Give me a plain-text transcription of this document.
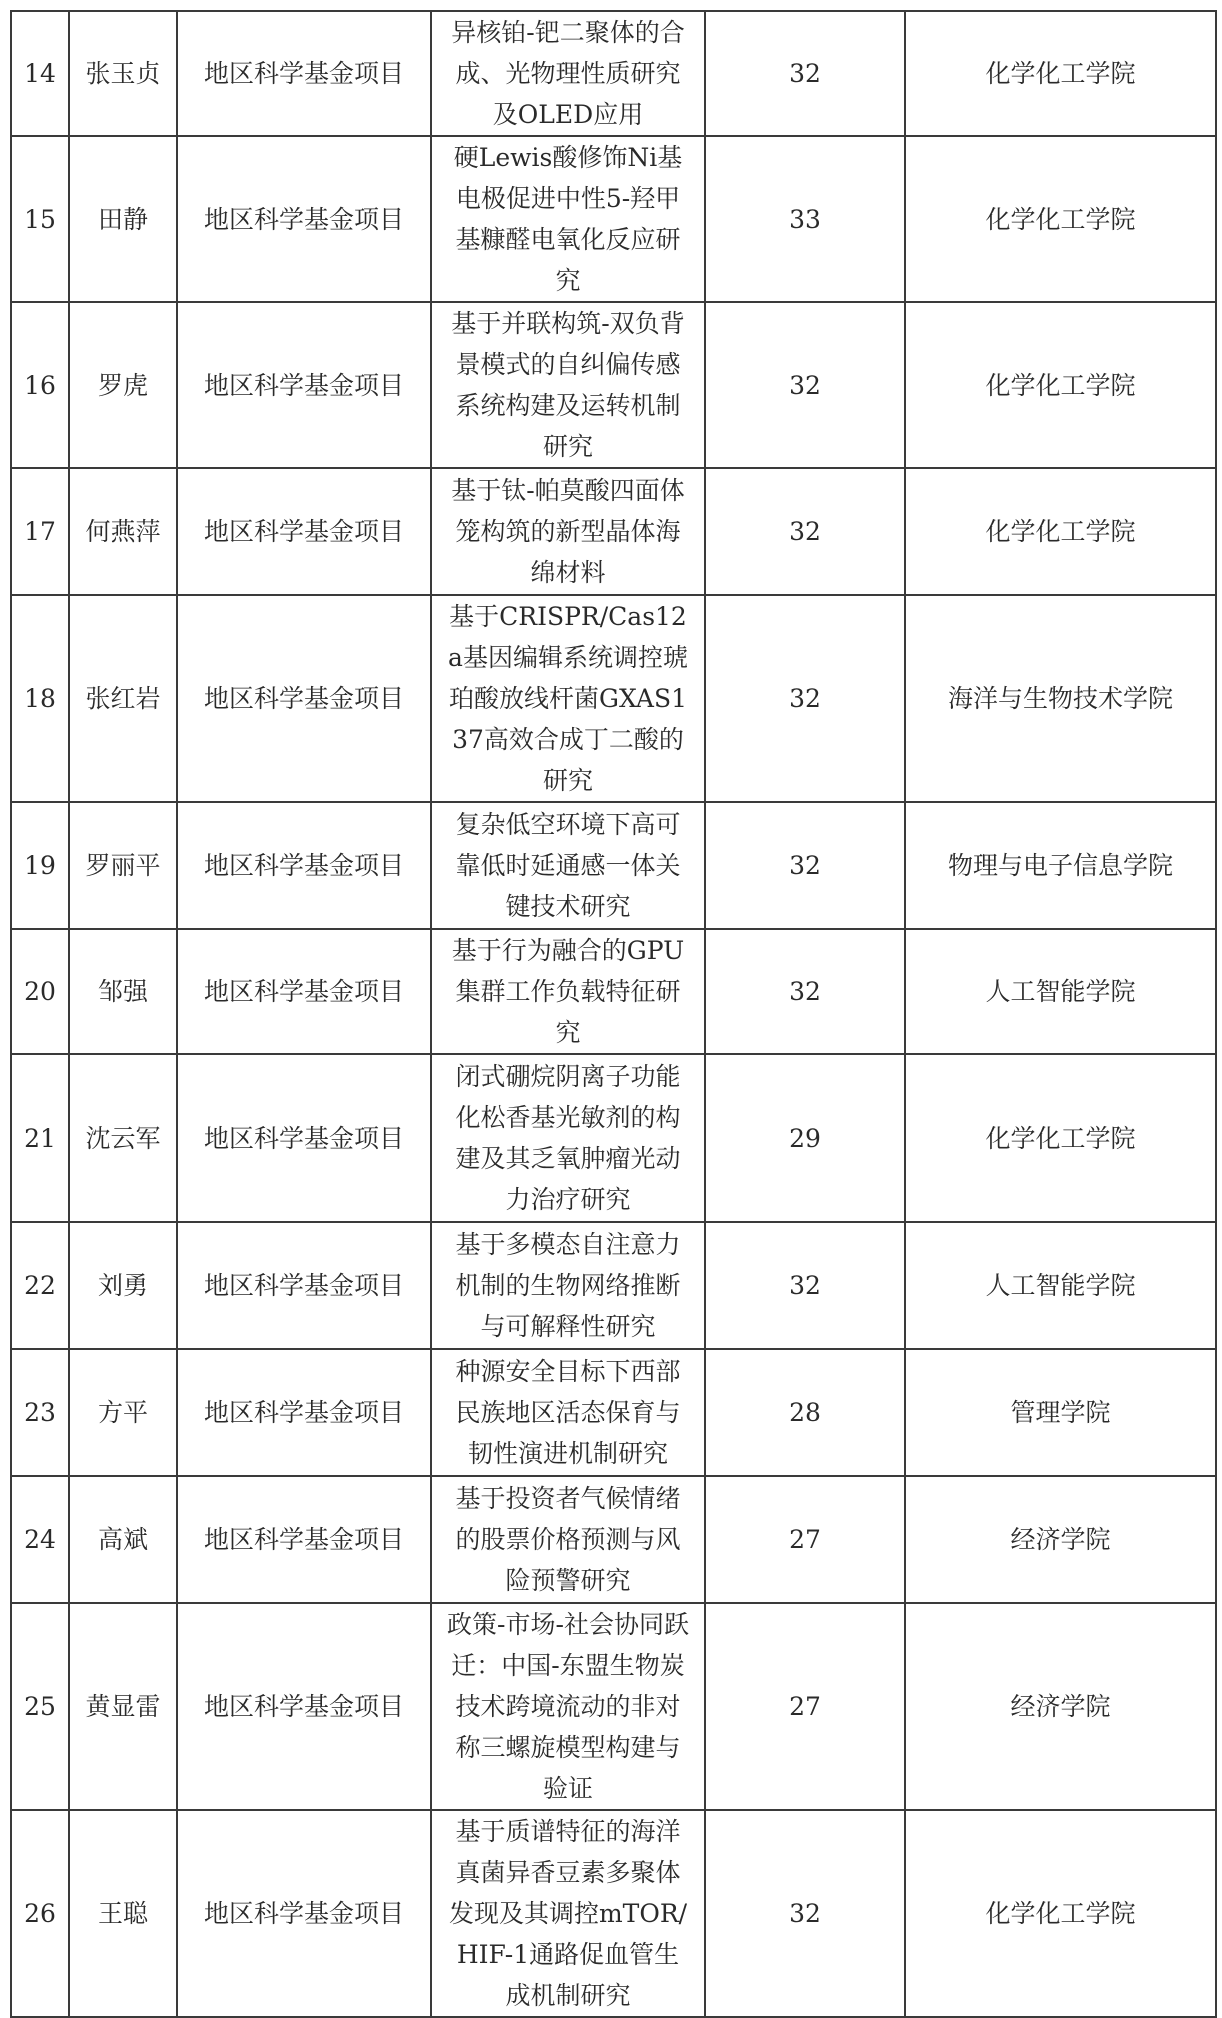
14	张玉贞	地区科学基金项目	异核铂-钯二聚体的合成、光物理性质研究及OLED应用	32	化学化工学院
15	田静	地区科学基金项目	硬Lewis酸修饰Ni基电极促进中性5-羟甲基糠醛电氧化反应研究	33	化学化工学院
16	罗虎	地区科学基金项目	基于并联构筑-双负背景模式的自纠偏传感系统构建及运转机制研究	32	化学化工学院
17	何燕萍	地区科学基金项目	基于钛-帕莫酸四面体笼构筑的新型晶体海绵材料	32	化学化工学院
18	张红岩	地区科学基金项目	基于CRISPR/Cas12a基因编辑系统调控琥珀酸放线杆菌GXAS137高效合成丁二酸的研究	32	海洋与生物技术学院
19	罗丽平	地区科学基金项目	复杂低空环境下高可靠低时延通感一体关键技术研究	32	物理与电子信息学院
20	邹强	地区科学基金项目	基于行为融合的GPU集群工作负载特征研究	32	人工智能学院
21	沈云军	地区科学基金项目	闭式硼烷阴离子功能化松香基光敏剂的构建及其乏氧肿瘤光动力治疗研究	29	化学化工学院
22	刘勇	地区科学基金项目	基于多模态自注意力机制的生物网络推断与可解释性研究	32	人工智能学院
23	方平	地区科学基金项目	种源安全目标下西部民族地区活态保育与韧性演进机制研究	28	管理学院
24	高斌	地区科学基金项目	基于投资者气候情绪的股票价格预测与风险预警研究	27	经济学院
25	黄显雷	地区科学基金项目	政策-市场-社会协同跃迁：中国-东盟生物炭技术跨境流动的非对称三螺旋模型构建与验证	27	经济学院
26	王聪	地区科学基金项目	基于质谱特征的海洋真菌异香豆素多聚体发现及其调控mTOR/HIF-1通路促血管生成机制研究	32	化学化工学院
